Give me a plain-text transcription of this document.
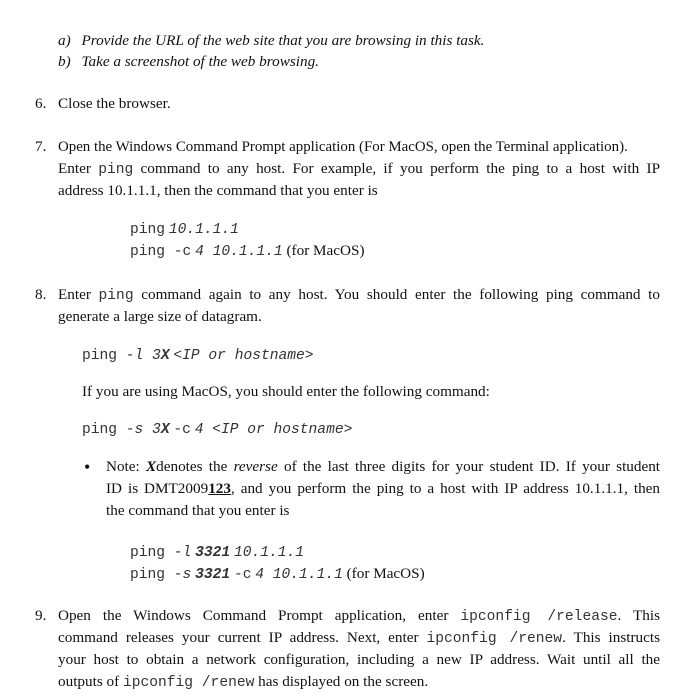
a) Provide the URL of the web site that you are browsing in this task.
b) Take a screenshot of the web browsing.
6. Close the browser.
7. Open the Windows Command Prompt application (For MacOS, open the Terminal application).
Enter ping command to any host. For example, if you perform the ping to a host with IP
address 10.1.1.1, then the command that you enter is
ping 10.1.1.1
ping -c 4 10.1.1.1 (for MacOS)
8. Enter ping command again to any host. You should enter the following ping command to
generate a large size of datagram.
ping -l 3X <IP or hostname>
If you are using MacOS, you should enter the following command:
ping -s 3X -c 4 <IP or hostname>
• Note: Xdenotes the reverse of the last three digits for your student ID. If your student
ID is DMT2009123, and you perform the ping to a host with IP address 10.1.1.1, then
the command that you enter is
ping -l 3321 10.1.1.1
ping -s 3321 -c 4 10.1.1.1 (for MacOS)
9. Open the Windows Command Prompt application, enter ipconfig /release. This
command releases your current IP address. Next, enter ipconfig /renew. This instructs
your host to obtain a network configuration, including a new IP address. Wait until all the
outputs of ipconfig /renew has displayed on the screen.
